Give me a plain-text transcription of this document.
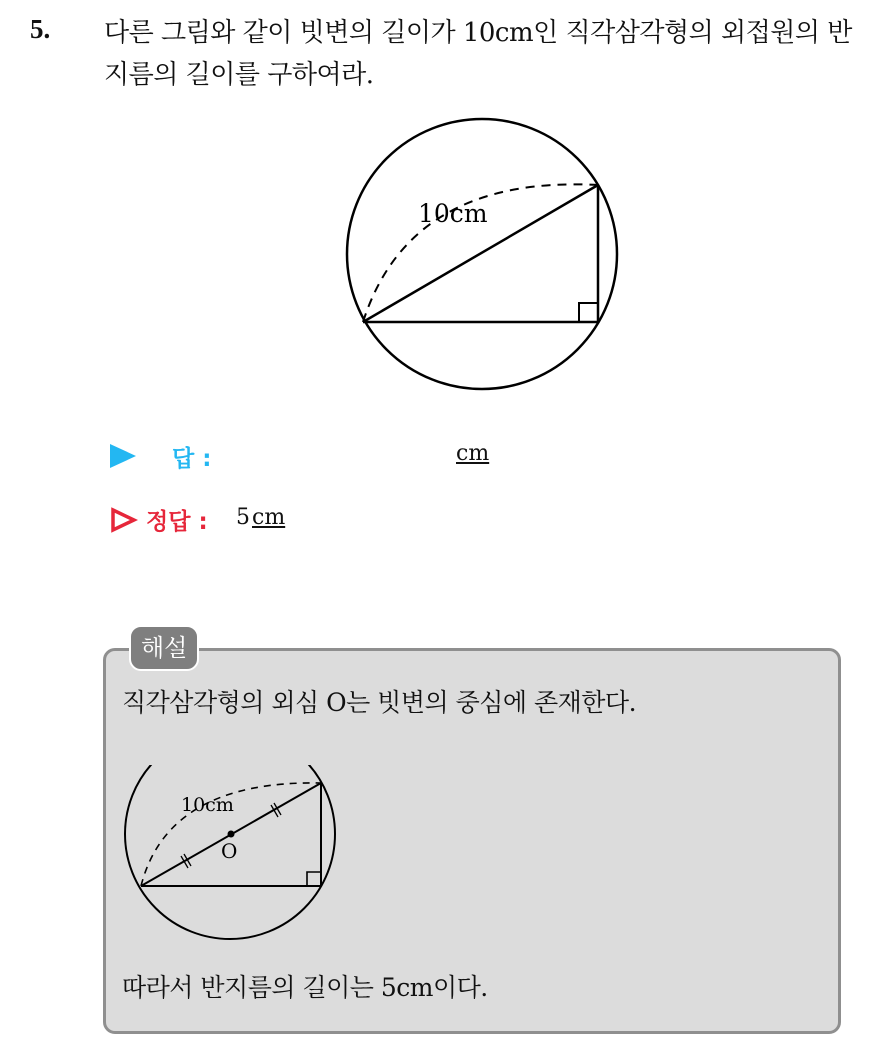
5. 다른 그림와 같이 빗변의 길이가 10cm인 직각삼각형의 외접원의 반지름의 길이를 구하여라.
10cm
답 :	cm
정답 : 5cm
해설
직각삼각형의 외심 O는 빗변의 중심에 존재한다.
O
10cm
따라서 반지름의 길이는 5cm이다.
